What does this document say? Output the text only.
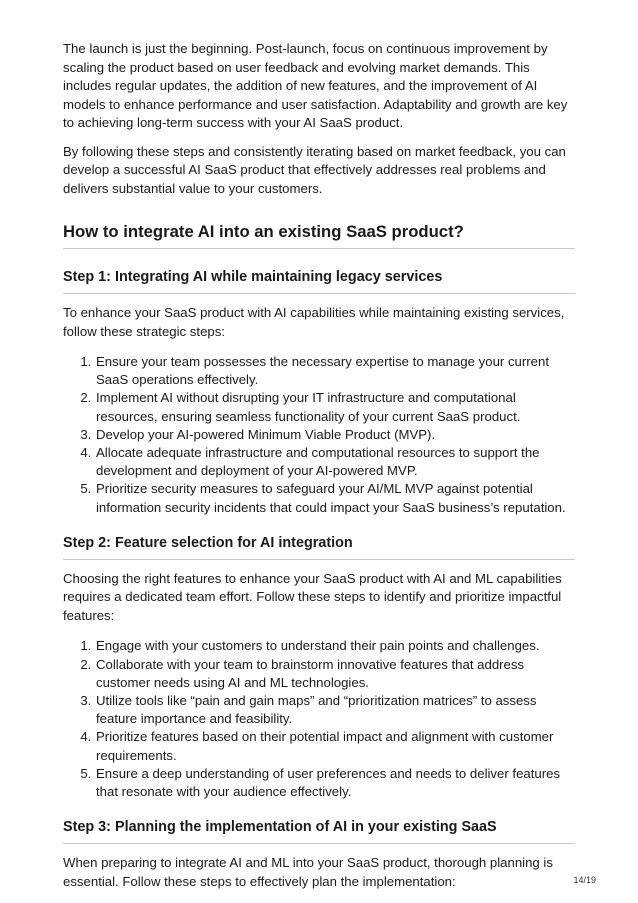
The launch is just the beginning. Post-launch, focus on continuous improvement by scaling the product based on user feedback and evolving market demands. This includes regular updates, the addition of new features, and the improvement of AI models to enhance performance and user satisfaction. Adaptability and growth are key to achieving long-term success with your AI SaaS product.

By following these steps and consistently iterating based on market feedback, you can develop a successful AI SaaS product that effectively addresses real problems and delivers substantial value to your customers.

How to integrate AI into an existing SaaS product?
Step 1: Integrating AI while maintaining legacy services

To enhance your SaaS product with AI capabilities while maintaining existing services, follow these strategic steps:

1. Ensure your team possesses the necessary expertise to manage your current SaaS operations effectively.
2. Implement AI without disrupting your IT infrastructure and computational resources, ensuring seamless functionality of your current SaaS product.
3. Develop your AI-powered Minimum Viable Product (MVP).
4. Allocate adequate infrastructure and computational resources to support the development and deployment of your AI-powered MVP.
5. Prioritize security measures to safeguard your AI/ML MVP against potential information security incidents that could impact your SaaS business’s reputation.
Step 2: Feature selection for AI integration

Choosing the right features to enhance your SaaS product with AI and ML capabilities requires a dedicated team effort. Follow these steps to identify and prioritize impactful features:

1. Engage with your customers to understand their pain points and challenges.
2. Collaborate with your team to brainstorm innovative features that address customer needs using AI and ML technologies.
3. Utilize tools like “pain and gain maps” and “prioritization matrices” to assess feature importance and feasibility.
4. Prioritize features based on their potential impact and alignment with customer requirements.
5. Ensure a deep understanding of user preferences and needs to deliver features that resonate with your audience effectively.
Step 3: Planning the implementation of AI in your existing SaaS

When preparing to integrate AI and ML into your SaaS product, thorough planning is essential. Follow these steps to effectively plan the implementation:	14/19
